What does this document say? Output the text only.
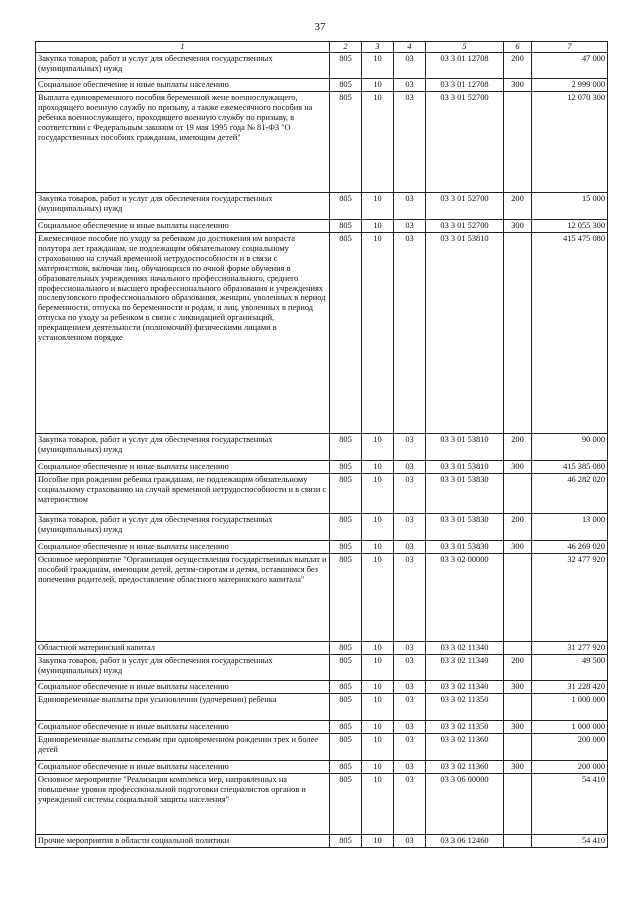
37
1	2	3	4	5	6	7
Закупка товаров, работ и услуг для обеспечения государственных (муниципальных) нужд	805	10	03	03 3 01 12708	200	47 000
Социальное обеспечение и иные выплаты населению	805	10	03	03 3 01 12708	300	2 999 000
Выплата единовременного пособия беременной жене военнослужащего, проходящего военную службу по призыву, а также ежемесячного пособия на ребенка военнослужащего, проходящего военную службу по призыву, в соответствии с Федеральным законом от 19 мая 1995 года № 81-ФЗ "О государственных пособиях гражданам, имеющим детей"	805	10	03	03 3 01 52700		12 070 300
Закупка товаров, работ и услуг для обеспечения государственных (муниципальных) нужд	805	10	03	03 3 01 52700	200	15 000
Социальное обеспечение и иные выплаты населению	805	10	03	03 3 01 52700	300	12 055 300
Ежемесячное пособие по уходу за ребенком до достижения им возраста полутора лет гражданам, не подлежащим обязательному социальному страхованию на случай временной нетрудоспособности и в связи с материнством, включая лиц, обучающихся по очной форме обучения в образовательных учреждениях начального профессионального, среднего профессионального и высшего профессионального образования и учреждениях послевузовского профессионального образования, женщин, уволенных в период беременности, отпуска по беременности и родам, и лиц, уволенных в период отпуска по уходу за ребенком в связи с ликвидацией организаций, прекращением деятельности (полномочий) физическими лицами в установленном порядке	805	10	03	03 3 01 53810		415 475 080
Закупка товаров, работ и услуг для обеспечения государственных (муниципальных) нужд	805	10	03	03 3 01 53810	200	90 000
Социальное обеспечение и иные выплаты населению	805	10	03	03 3 01 53810	300	415 385 080
Пособие при рождении ребенка гражданам, не подлежащим обязательному социальному страхованию на случай временной нетрудоспособности и в связи с материнством	805	10	03	03 3 01 53830		46 282 020
Закупка товаров, работ и услуг для обеспечения государственных (муниципальных) нужд	805	10	03	03 3 01 53830	200	13 000
Социальное обеспечение и иные выплаты населению	805	10	03	03 3 01 53830	300	46 269 020
Основное мероприятие "Организация осуществления государственных выплат и пособий гражданам, имеющим детей, детям-сиротам и детям, оставшимся без попечения родителей, предоставление областного материнского капитала"	805	10	03	03 3 02 00000		32 477 920
Областной материнский капитал	805	10	03	03 3 02 11340		31 277 920
Закупка товаров, работ и услуг для обеспечения государственных (муниципальных) нужд	805	10	03	03 3 02 11340	200	49 500
Социальное обеспечение и иные выплаты населению	805	10	03	03 3 02 11340	300	31 228 420
Единовременные выплаты при усыновлении (удочерении) ребенка	805	10	03	03 3 02 11350		1 000 000
Социальное обеспечение и иные выплаты населению	805	10	03	03 3 02 11350	300	1 000 000
Единовременные выплаты семьям при одновременном рождении трех и более детей	805	10	03	03 3 02 11360		200 000
Социальное обеспечение и иные выплаты населению	805	10	03	03 3 02 11360	300	200 000
Основное мероприятие "Реализация комплекса мер, направленных на повышение уровня профессиональной подготовки специалистов органов и учреждений системы социальной защиты населения"	805	10	03	03 3 06 00000		54 410
Прочие мероприятия в области социальной политики	805	10	03	03 3 06 12460		54 410
